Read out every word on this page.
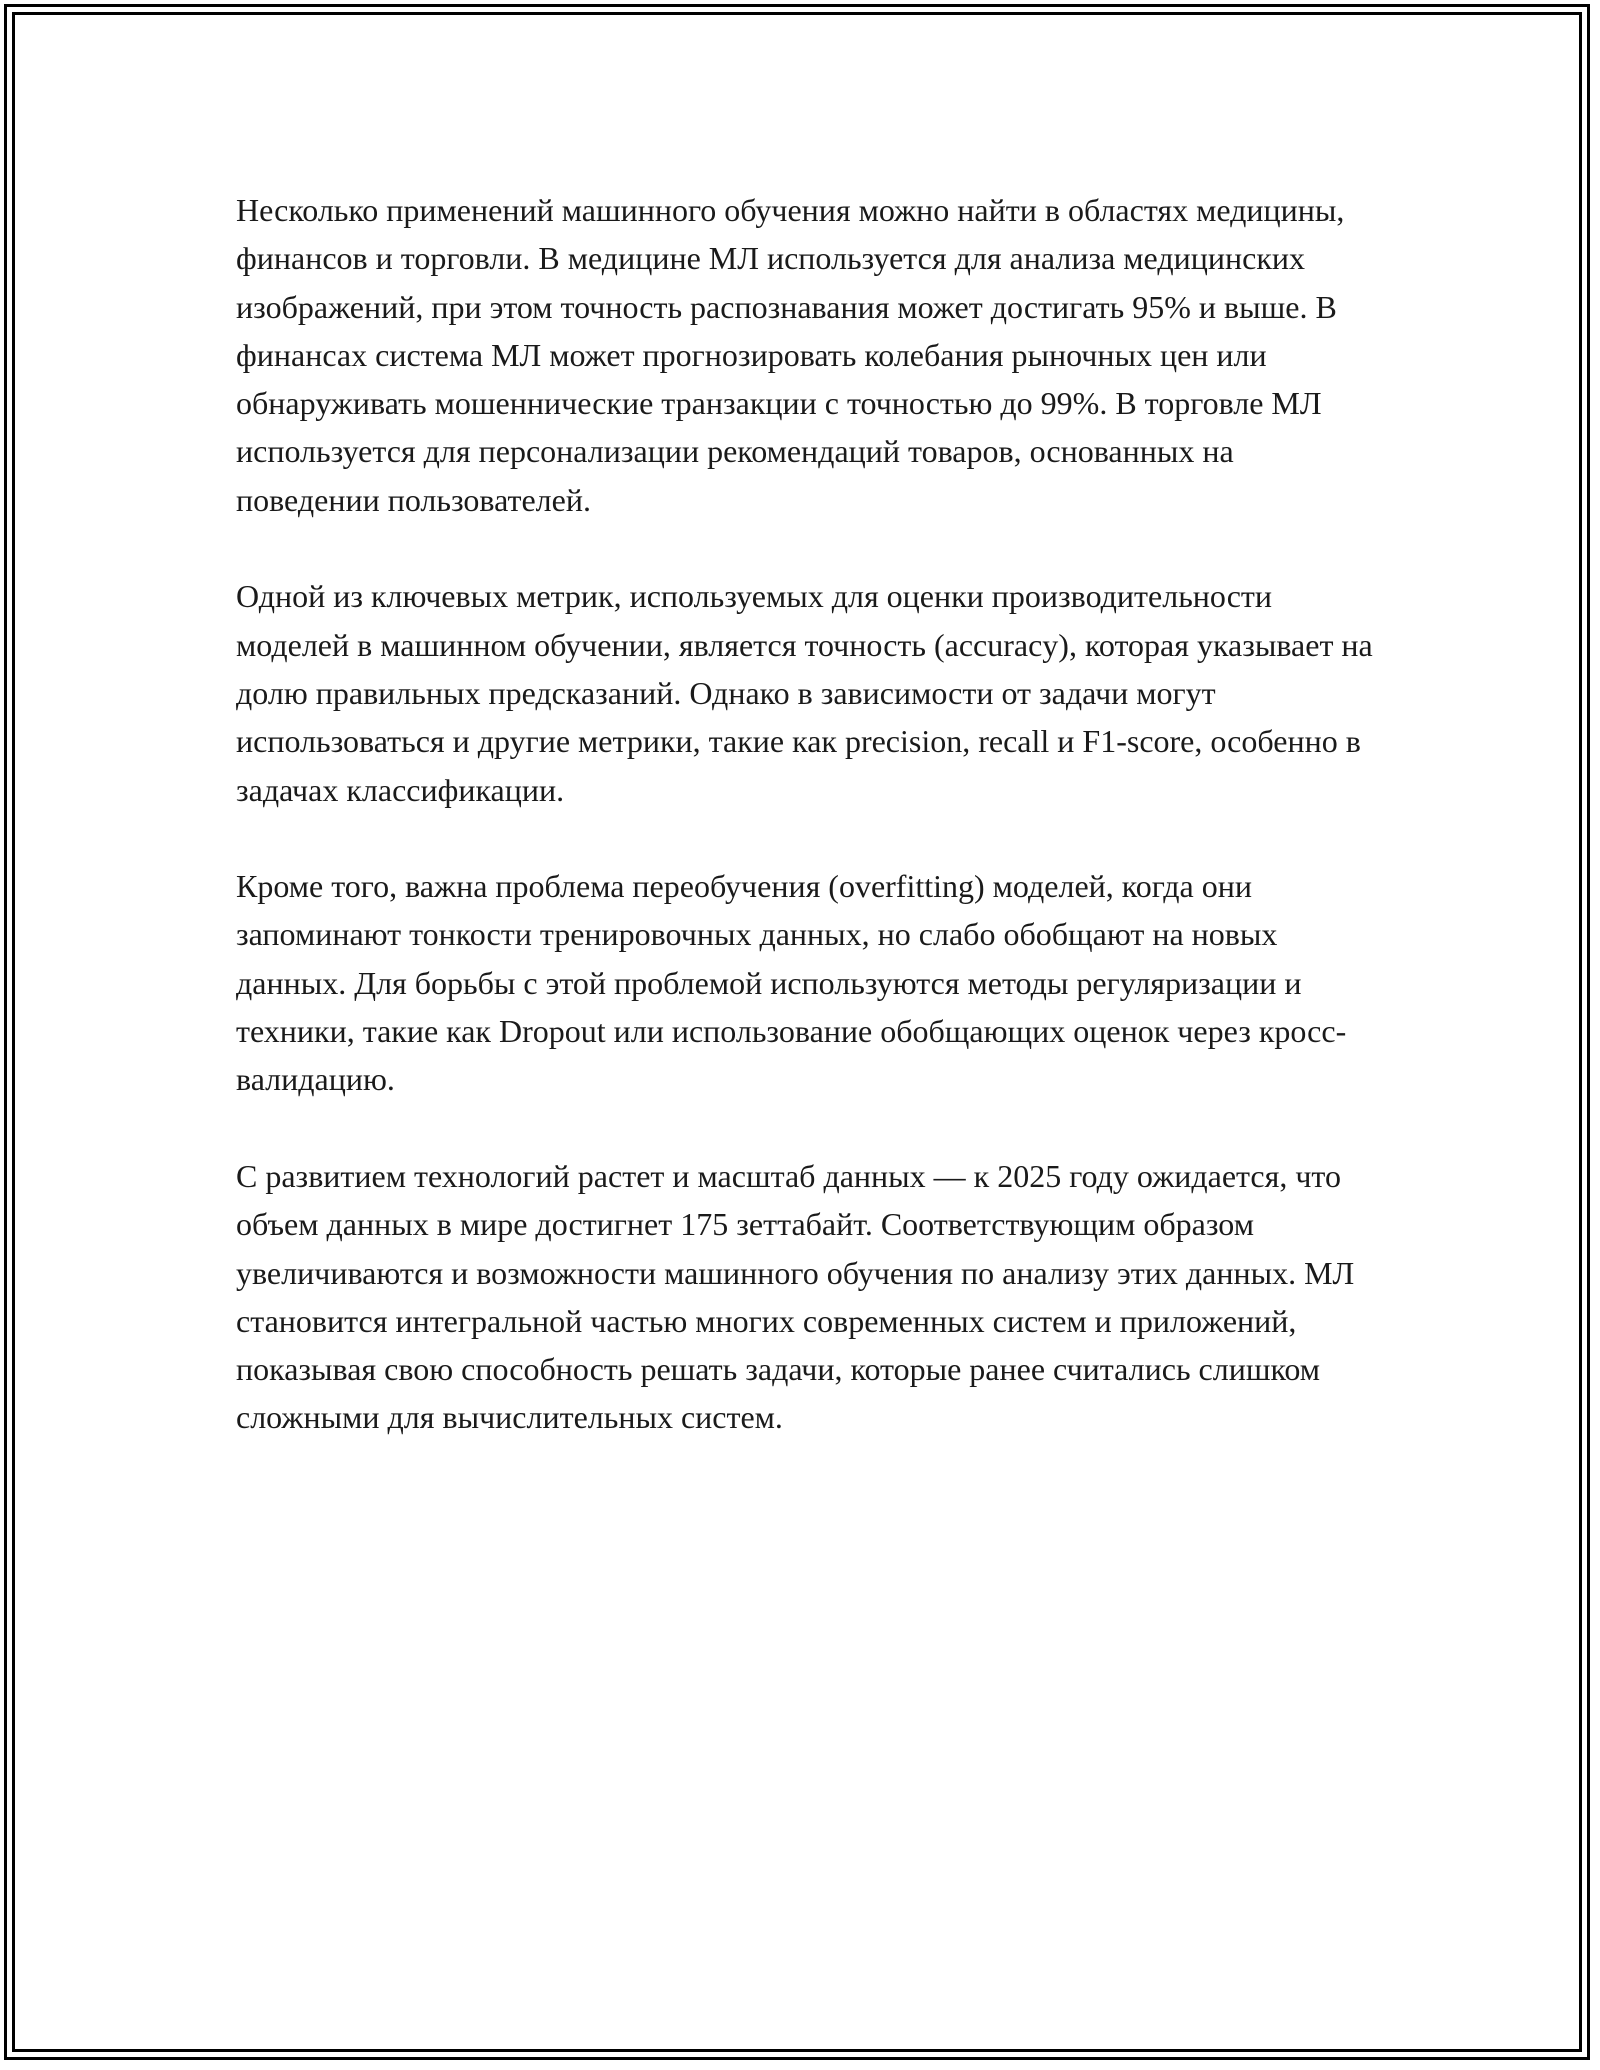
Несколько применений машинного обучения можно найти в областях медицины, финансов и торговли. В медицине МЛ используется для анализа медицинских изображений, при этом точность распознавания может достигать 95% и выше. В финансах система МЛ может прогнозировать колебания рыночных цен или обнаруживать мошеннические транзакции с точностью до 99%. В торговле МЛ используется для персонализации рекомендаций товаров, основанных на поведении пользователей.

Одной из ключевых метрик, используемых для оценки производительности моделей в машинном обучении, является точность (accuracy), которая указывает на долю правильных предсказаний. Однако в зависимости от задачи могут использоваться и другие метрики, такие как precision, recall и F1-score, особенно в задачах классификации.

Кроме того, важна проблема переобучения (overfitting) моделей, когда они запоминают тонкости тренировочных данных, но слабо обобщают на новых данных. Для борьбы с этой проблемой используются методы регуляризации и техники, такие как Dropout или использование обобщающих оценок через кросс-валидацию.

С развитием технологий растет и масштаб данных — к 2025 году ожидается, что объем данных в мире достигнет 175 зеттабайт. Соответствующим образом увеличиваются и возможности машинного обучения по анализу этих данных. МЛ становится интегральной частью многих современных систем и приложений, показывая свою способность решать задачи, которые ранее считались слишком сложными для вычислительных систем.
